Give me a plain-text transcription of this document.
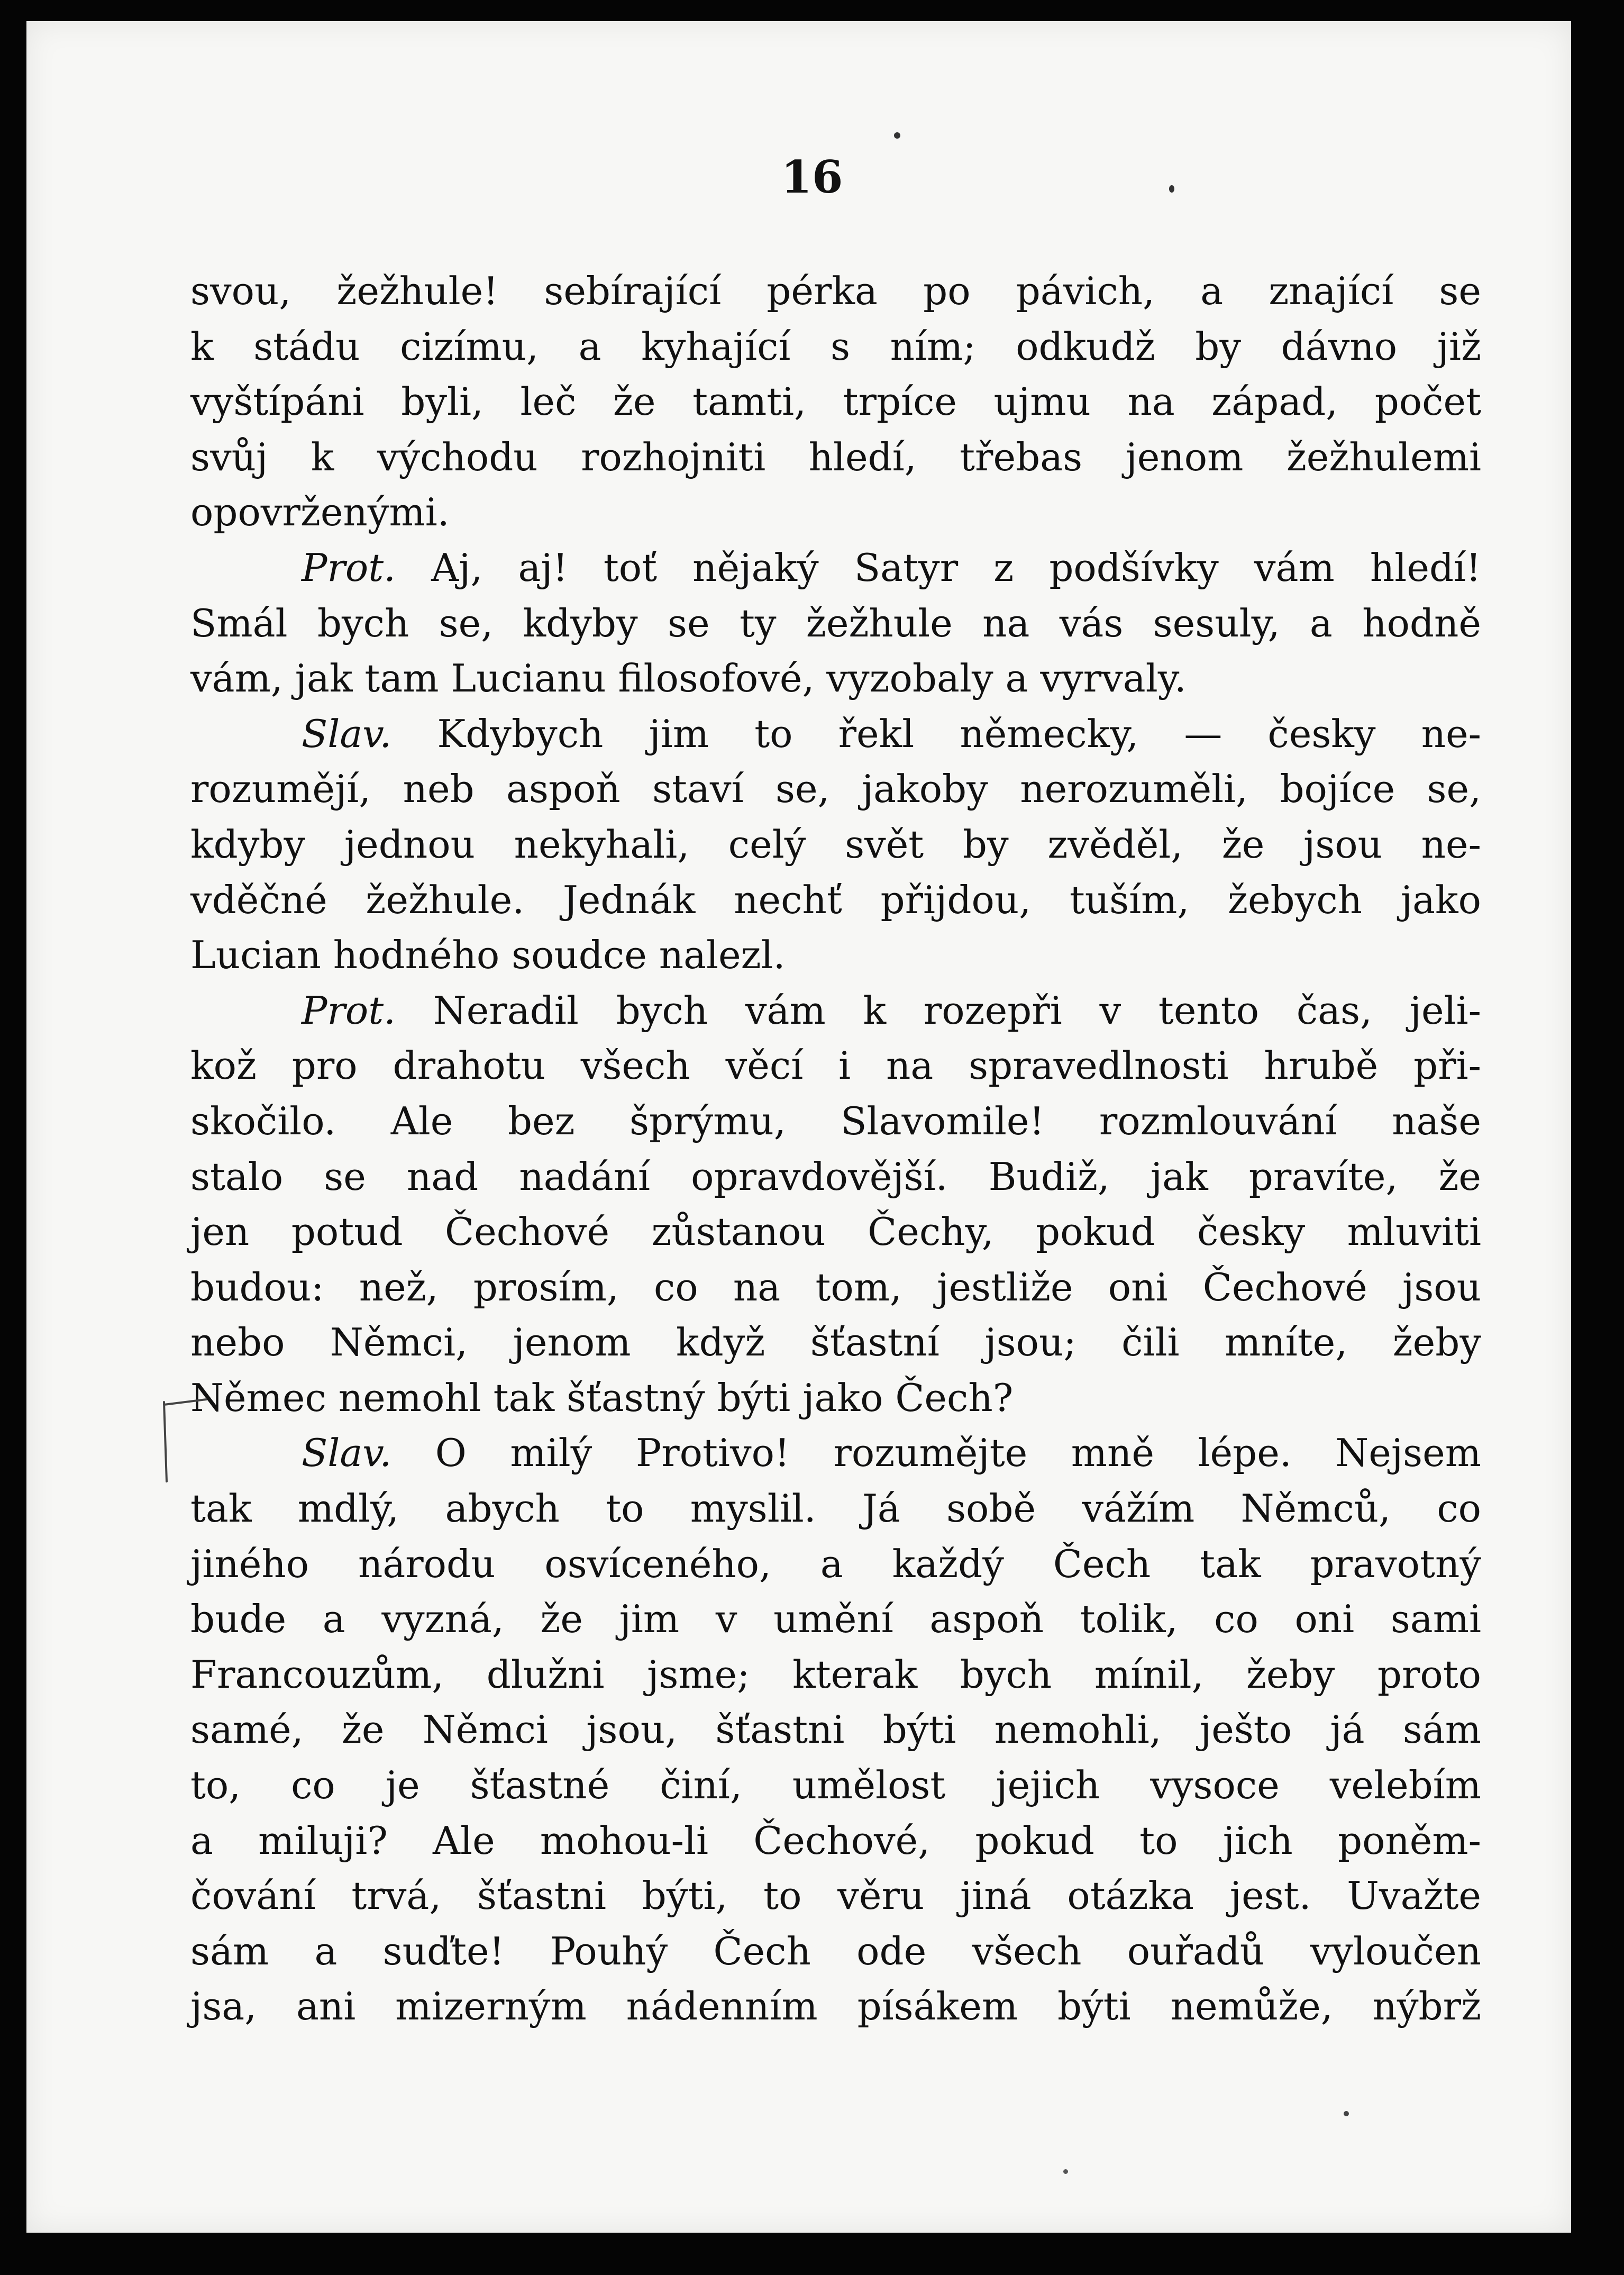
16
svou, žežhule! sebírající pérka po pávich, a znající se
k stádu cizímu, a kyhající s ním; odkudž by dávno již
vyštípáni byli, leč že tamti, trpíce ujmu na západ, počet
svůj k východu rozhojniti hledí, třebas jenom žežhulemi
opovrženými.
Prot. Aj, aj! toť nějaký Satyr z podšívky vám hledí!
Smál bych se, kdyby se ty žežhule na vás sesuly, a hodně
vám, jak tam Lucianu filosofové, vyzobaly a vyrvaly.
Slav. Kdybych jim to řekl německy, — česky ne-
rozumějí, neb aspoň staví se, jakoby nerozuměli, bojíce se,
kdyby jednou nekyhali, celý svět by zvěděl, že jsou ne-
vděčné žežhule. Jednák nechť přijdou, tuším, žebych jako
Lucian hodného soudce nalezl.
Prot. Neradil bych vám k rozepři v tento čas, jeli-
kož pro drahotu všech věcí i na spravedlnosti hrubě při-
skočilo. Ale bez šprýmu, Slavomile! rozmlouvání naše
stalo se nad nadání opravdovější. Budiž, jak pravíte, že
jen potud Čechové zůstanou Čechy, pokud česky mluviti
budou: než, prosím, co na tom, jestliže oni Čechové jsou
nebo Němci, jenom když šťastní jsou; čili mníte, žeby
Němec nemohl tak šťastný býti jako Čech?
Slav. O milý Protivo! rozumějte mně lépe. Nejsem
tak mdlý, abych to myslil. Já sobě vážím Němců, co
jiného národu osvíceného, a každý Čech tak pravotný
bude a vyzná, že jim v umění aspoň tolik, co oni sami
Francouzům, dlužni jsme; kterak bych mínil, žeby proto
samé, že Němci jsou, šťastni býti nemohli, ješto já sám
to, co je šťastné činí, umělost jejich vysoce velebím
a miluji? Ale mohou-li Čechové, pokud to jich poněm-
čování trvá, šťastni býti, to věru jiná otázka jest. Uvažte
sám a suďte! Pouhý Čech ode všech ouřadů vyloučen
jsa, ani mizerným nádenním písákem býti nemůže, nýbrž
